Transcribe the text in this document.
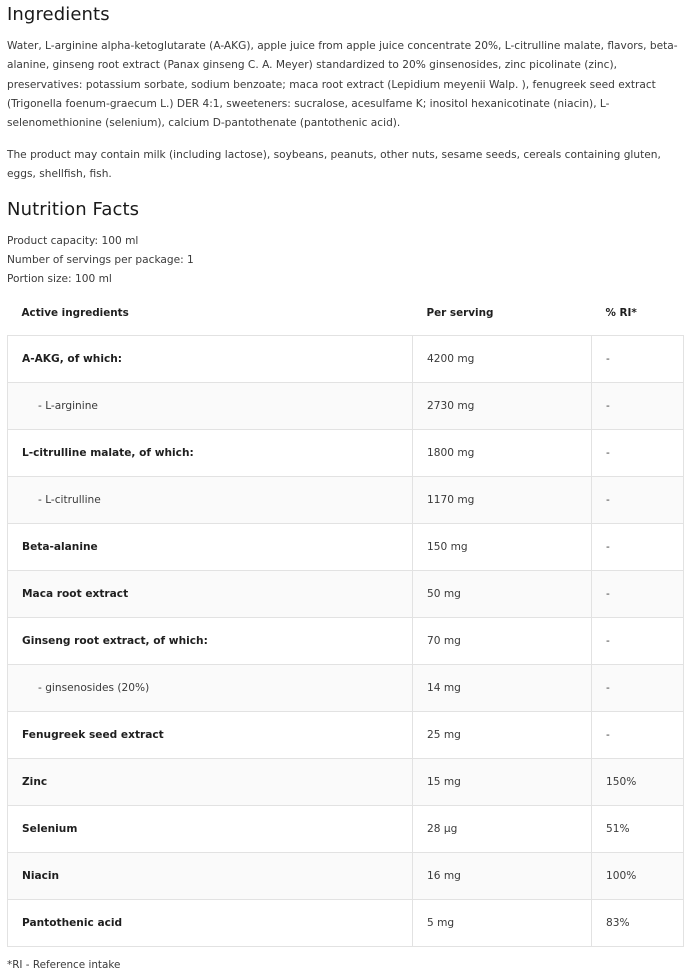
Ingredients

Water, L-arginine alpha-ketoglutarate (A-AKG), apple juice from apple juice concentrate 20%, L-citrulline malate, flavors, beta-alanine, ginseng root extract (Panax ginseng C. A. Meyer) standardized to 20% ginsenosides, zinc picolinate (zinc), preservatives: potassium sorbate, sodium benzoate; maca root extract (Lepidium meyenii Walp. ), fenugreek seed extract (Trigonella foenum-graecum L.) DER 4:1, sweeteners: sucralose, acesulfame K; inositol hexanicotinate (niacin), L-selenomethionine (selenium), calcium D-pantothenate (pantothenic acid).

The product may contain milk (including lactose), soybeans, peanuts, other nuts, sesame seeds, cereals containing gluten, eggs, shellfish, fish.

Nutrition Facts
Product capacity: 100 ml
Number of servings per package: 1
Portion size: 100 ml
Active ingredients	Per serving	% RI*
A-AKG, of which:	4200 mg	-
- L-arginine	2730 mg	-
L-citrulline malate, of which:	1800 mg	-
- L-citrulline	1170 mg	-
Beta-alanine	150 mg	-
Maca root extract	50 mg	-
Ginseng root extract, of which:	70 mg	-
- ginsenosides (20%)	14 mg	-
Fenugreek seed extract	25 mg	-
Zinc	15 mg	150%
Selenium	28 µg	51%
Niacin	16 mg	100%
Pantothenic acid	5 mg	83%
*RI - Reference intake
